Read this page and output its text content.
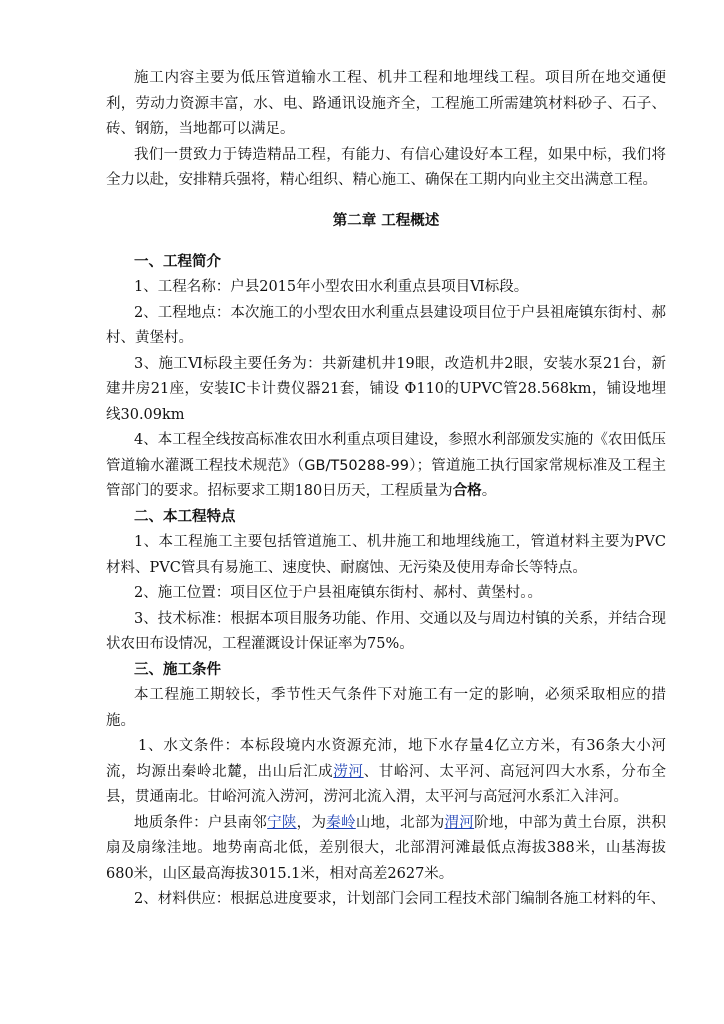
施工内容主要为低压管道输水工程、机井工程和地埋线工程。项目所在地交通便利，劳动力资源丰富，水、电、路通讯设施齐全，工程施工所需建筑材料砂子、石子、砖、钢筋，当地都可以满足。

我们一贯致力于铸造精品工程，有能力、有信心建设好本工程，如果中标，我们将全力以赴，安排精兵强将，精心组织、精心施工、确保在工期内向业主交出满意工程。

第二章 工程概述

一、工程简介

1、工程名称：户县2015年小型农田水利重点县项目Ⅵ标段。

2、工程地点：本次施工的小型农田水利重点县建设项目位于户县祖庵镇东街村、郝村、黄堡村。

3、施工Ⅵ标段主要任务为：共新建机井19眼，改造机井2眼，安装水泵21台，新建井房21座，安装IC卡计费仪器21套，铺设 Φ110的UPVC管28.568km，铺设地埋线30.09km

4、本工程全线按高标准农田水利重点项目建设，参照水利部颁发实施的《农田低压管道输水灌溉工程技术规范》（GB/T50288-99）；管道施工执行国家常规标准及工程主管部门的要求。招标要求工期180日历天，工程质量为合格。

二、本工程特点

1、本工程施工主要包括管道施工、机井施工和地埋线施工，管道材料主要为PVC材料、PVC管具有易施工、速度快、耐腐蚀、无污染及使用寿命长等特点。

2、施工位置：项目区位于户县祖庵镇东街村、郝村、黄堡村。。

3、技术标准：根据本项目服务功能、作用、交通以及与周边村镇的关系，并结合现状农田布设情况，工程灌溉设计保证率为75%。

三、施工条件

本工程施工期较长，季节性天气条件下对施工有一定的影响，必须采取相应的措施。

1、水文条件：本标段境内水资源充沛，地下水存量4亿立方米，有36条大小河流，均源出秦岭北麓，出山后汇成涝河、甘峪河、太平河、高冠河四大水系，分布全县，贯通南北。甘峪河流入涝河，涝河北流入渭，太平河与高冠河水系汇入沣河。

地质条件：户县南邻宁陕，为秦岭山地，北部为渭河阶地，中部为黄土台原，洪积扇及扇缘洼地。地势南高北低，差别很大，北部渭河滩最低点海拔388米，山基海拔680米，山区最高海拔3015.1米，相对高差2627米。

2、材料供应：根据总进度要求，计划部门会同工程技术部门编制各施工材料的年、
